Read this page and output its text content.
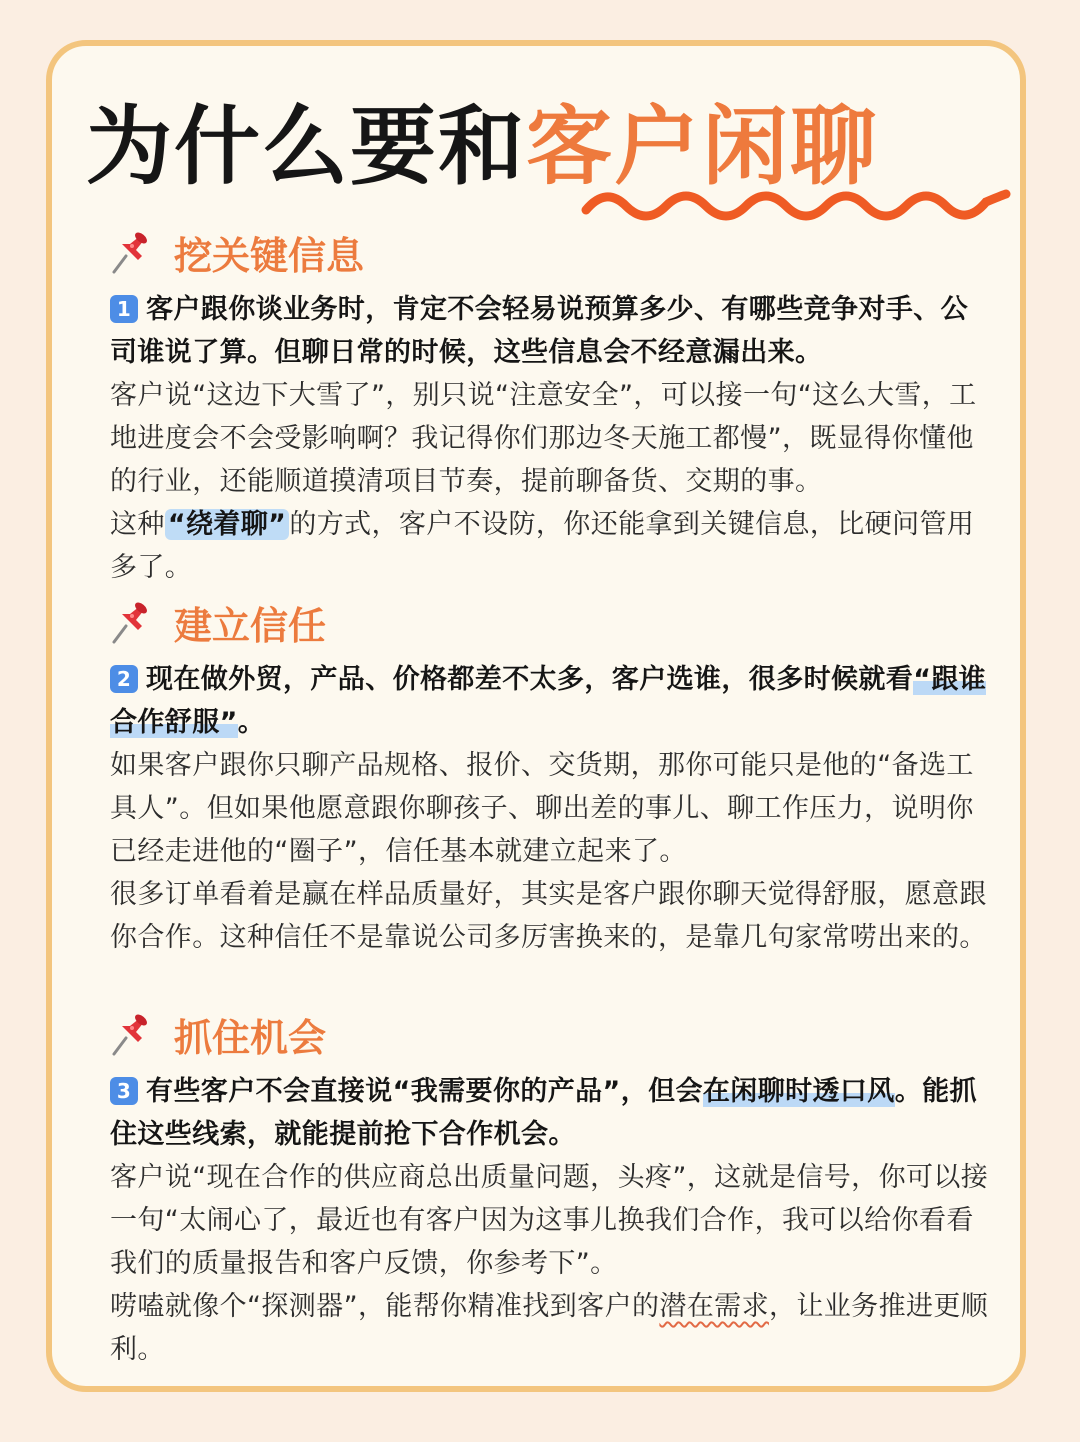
为什么要和客户闲聊
挖关键信息

1 客户跟你谈业务时，肯定不会轻易说预算多少、有哪些竞争对手、公司谁说了算。但聊日常的时候，这些信息会不经意漏出来。

客户说“这边下大雪了”，别只说“注意安全”，可以接一句“这么大雪，工地进度会不会受影响啊？我记得你们那边冬天施工都慢”，既显得你懂他的行业，还能顺道摸清项目节奏，提前聊备货、交期的事。

这种 “绕着聊” 的方式，客户不设防，你还能拿到关键信息，比硬问管用多了。

建立信任

2 现在做外贸，产品、价格都差不太多，客户选谁，很多时候就看“跟谁合作舒服”。

如果客户跟你只聊产品规格、报价、交货期，那你可能只是他的“备选工具人”。但如果他愿意跟你聊孩子、聊出差的事儿、聊工作压力，说明你已经走进他的“圈子”，信任基本就建立起来了。

很多订单看着是赢在样品质量好，其实是客户跟你聊天觉得舒服，愿意跟你合作。这种信任不是靠说公司多厉害换来的，是靠几句家常唠出来的。

抓住机会

3 有些客户不会直接说“我需要你的产品”，但会在闲聊时透口风。能抓住这些线索，就能提前抢下合作机会。

客户说“现在合作的供应商总出质量问题，头疼”，这就是信号，你可以接一句“太闹心了，最近也有客户因为这事儿换我们合作，我可以给你看看我们的质量报告和客户反馈，你参考下”。

唠嗑就像个“探测器”，能帮你精准找到客户的潜在需求，让业务推进更顺利。
